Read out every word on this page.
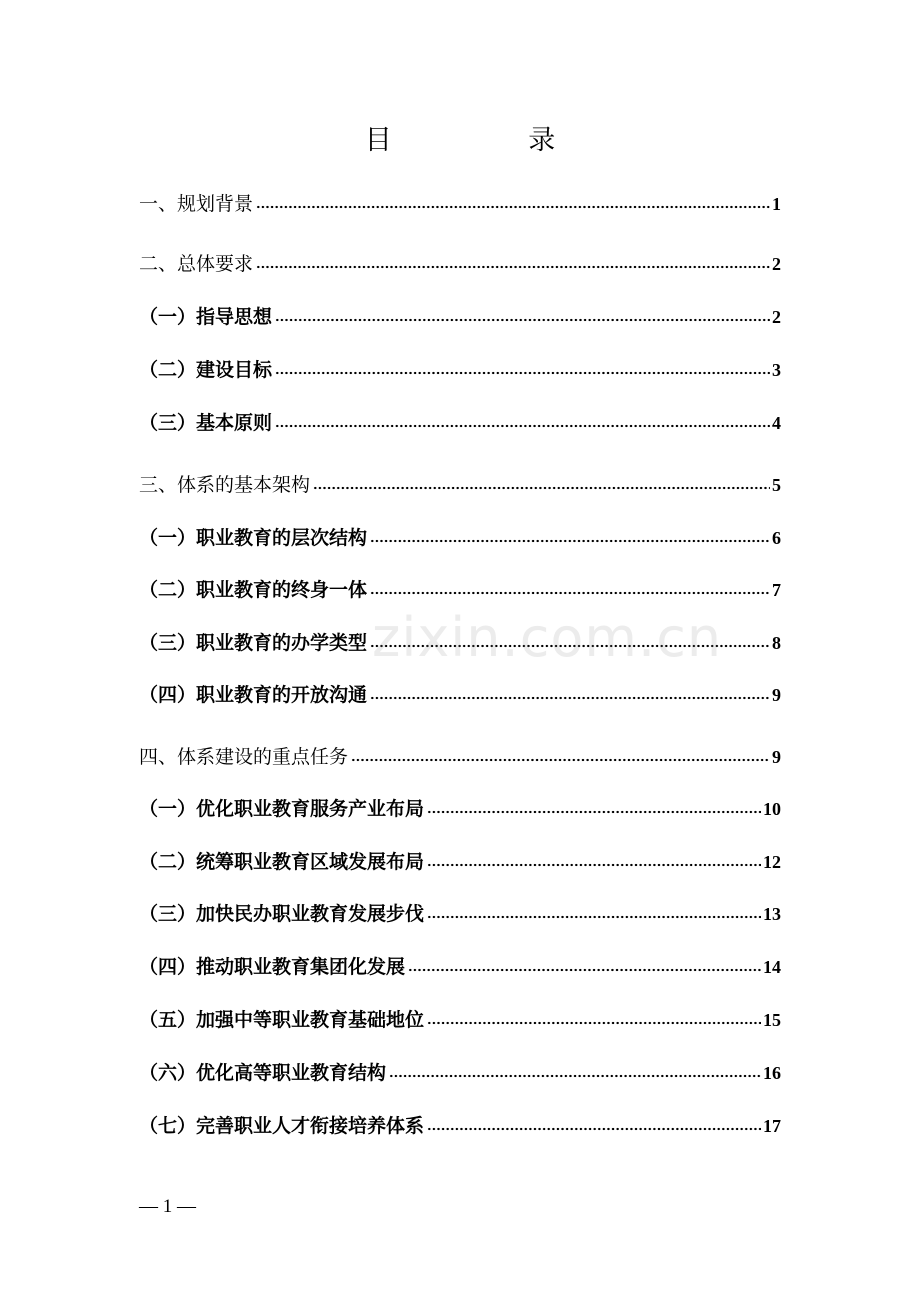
目 录
一、规划背景	1
二、总体要求	2
（一）指导思想	2
（二）建设目标	3
（三）基本原则	4
三、体系的基本架构	5
（一）职业教育的层次结构	6
（二）职业教育的终身一体	7
（三）职业教育的办学类型	8
（四）职业教育的开放沟通	9
四、体系建设的重点任务	9
（一）优化职业教育服务产业布局	10
（二）统筹职业教育区域发展布局	12
（三）加快民办职业教育发展步伐	13
（四）推动职业教育集团化发展	14
（五）加强中等职业教育基础地位	15
（六）优化高等职业教育结构	16
（七）完善职业人才衔接培养体系	17
zixin.com.cn
— 1 —
